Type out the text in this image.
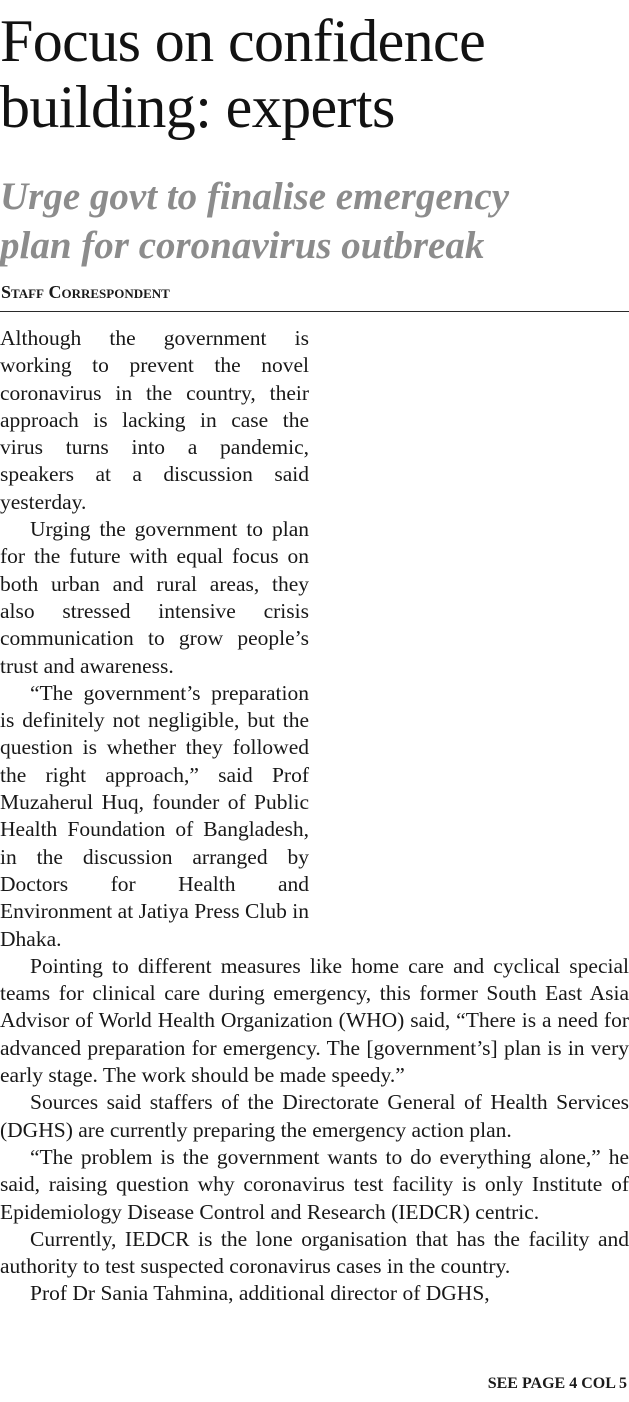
Focus on confidence
building: experts
Urge govt to finalise emergency
plan for coronavirus outbreak
Staff Correspondent

Although the government is working to prevent the novel coronavirus in the country, their approach is lacking in case the virus turns into a pandemic, speakers at a discussion said yesterday.

Urging the government to plan for the future with equal focus on both urban and rural areas, they also stressed intensive crisis communication to grow people’s trust and awareness.

“The government’s preparation is definitely not negligible, but the question is whether they followed the right approach,” said Prof Muzaherul Huq, founder of Public Health Foundation of Bangladesh, in the discussion arranged by Doctors for Health and Environment at Jatiya Press Club in Dhaka.

Pointing to different measures like home care and cyclical special teams for clinical care during emergency, this former South East Asia Advisor of World Health Organization (WHO) said, “There is a need for advanced preparation for emergency. The [government’s] plan is in very early stage. The work should be made speedy.”

Sources said staffers of the Directorate General of Health Services (DGHS) are currently preparing the emergency action plan.

“The problem is the government wants to do everything alone,” he said, raising question why coronavirus test facility is only Institute of Epidemiology Disease Control and Research (IEDCR) centric.

Currently, IEDCR is the lone organisation that has the facility and authority to test suspected coronavirus cases in the country.

Prof Dr Sania Tahmina, additional director of DGHS,

SEE PAGE 4 COL 5
